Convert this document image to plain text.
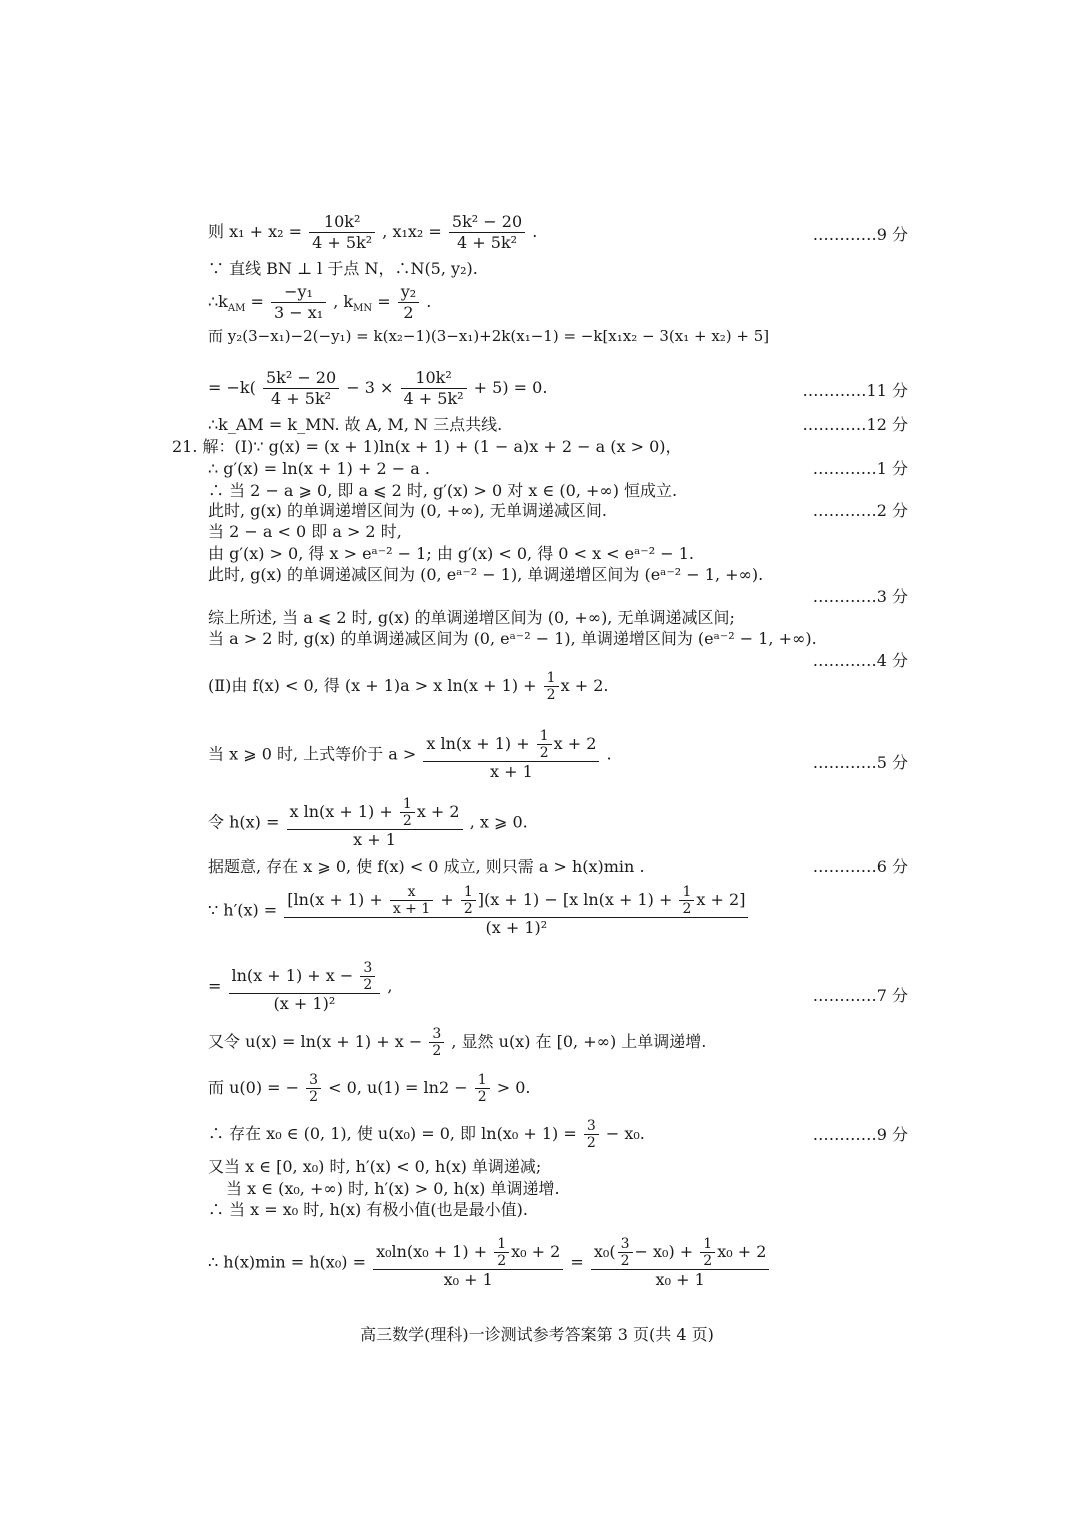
则 $x_1 + x_2 = \frac{\text{10k²}}{\text{4 + 5k²}}$ , $x_1x_2 = \frac{\text{5k² − 20}}{\text{4 + 5k²}}$ .	…………9 分
∵ 直线 BN ⊥ l 于点 N，∴N(5, y₂).
$\therefore k_{AM} = \frac{\text{−y₁}}{\text{3 − x₁}}$ , $k_{MN} = \frac{\text{y₂}}{2}$ .
而 y₂(3−x₁)−2(−y₁) = k(x₂−1)(3−x₁)+2k(x₁−1) = −k[x₁x₂ − 3(x₁ + x₂) + 5]
= $-k( \frac{\text{5k² − 20}}{\text{4 + 5k²}} - 3 \times \frac{\text{10k²}}{\text{4 + 5k²}} + 5) = 0$.	…………11 分
∴k_AM = k_MN. 故 A, M, N 三点共线.	…………12 分
21. 解：(Ⅰ)∵ g(x) = (x + 1)ln(x + 1) + (1 − a)x + 2 − a (x > 0)，
∴ g′(x) = ln(x + 1) + 2 − a .	…………1 分
∴ 当 2 − a ⩾ 0, 即 a ⩽ 2 时, g′(x) > 0 对 x ∈ (0, +∞) 恒成立.
此时, g(x) 的单调递增区间为 (0, +∞), 无单调递减区间.	…………2 分
当 2 − a < 0 即 a > 2 时,
由 g′(x) > 0, 得 x > eᵃ⁻² − 1; 由 g′(x) < 0, 得 0 < x < eᵃ⁻² − 1.
此时, g(x) 的单调递减区间为 (0, eᵃ⁻² − 1), 单调递增区间为 (eᵃ⁻² − 1, +∞).
…………3 分
综上所述, 当 a ⩽ 2 时, g(x) 的单调递增区间为 (0, +∞), 无单调递减区间;
当 a > 2 时, g(x) 的单调递减区间为 (0, eᵃ⁻² − 1), 单调递增区间为 (eᵃ⁻² − 1, +∞).
…………4 分
(Ⅱ)由 f(x) < 0, 得 (x + 1)a > x $\ln(x + 1) + \frac{1}{2}$ x + 2.
当 x ⩾ 0 时, 上式等价于 $a > \frac{x \ln(x + 1) + \frac{1}{2} x + 2}{x + 1}$ .	…………5 分
令 $h(x) = \frac{x \ln(x + 1) + \frac{1}{2} x + 2}{x + 1}$ , x ⩾ 0.
据题意, 存在 x ⩾ 0, 使 f(x) < 0 成立, 则只需 a > h(x)min .	…………6 分
∵ $h'(x) = \frac{[\ln(x + 1) + \frac{x}{x + 1} + \frac{1}{2} ](x + 1) - [x \ln(x + 1) + \frac{1}{2} x + 2]}{\text{(x + 1)²}}$
= $\frac{\ln(x + 1) + x - \frac{3}{2}}{\text{(x + 1)²}}$ ,	…………7 分
又令 $u(x) = \ln(x + 1) + x - \frac{3}{2}$ , 显然 u(x) 在 [0, +∞) 上单调递增.
而 u(0) = − $\frac{3}{2} < 0$, $u(1) = \ln 2 - \frac{1}{2} > 0$.
∴ 存在 x₀ ∈ (0, 1), 使 u(x₀) = 0, 即 $\ln(x_0 + 1) = \frac{3}{2} - x_0$.	…………9 分
又当 x ∈ [0, x₀) 时, h′(x) < 0, h(x) 单调递减;
当 x ∈ (x₀, +∞) 时, h′(x) > 0, h(x) 单调递增.
∴ 当 x = x₀ 时, h(x) 有极小值(也是最小值).
∴ $h(x)\min = h(x_0) = \frac{x_0\ln(x_0 + 1) + \frac{1}{2} x_0 + 2}{\text{x₀ + 1}} = \frac{x_0( \frac{3}{2} - x_0) + \frac{1}{2} x_0 + 2}{\text{x₀ + 1}}$
高三数学(理科)一诊测试参考答案第 3 页(共 4 页)
